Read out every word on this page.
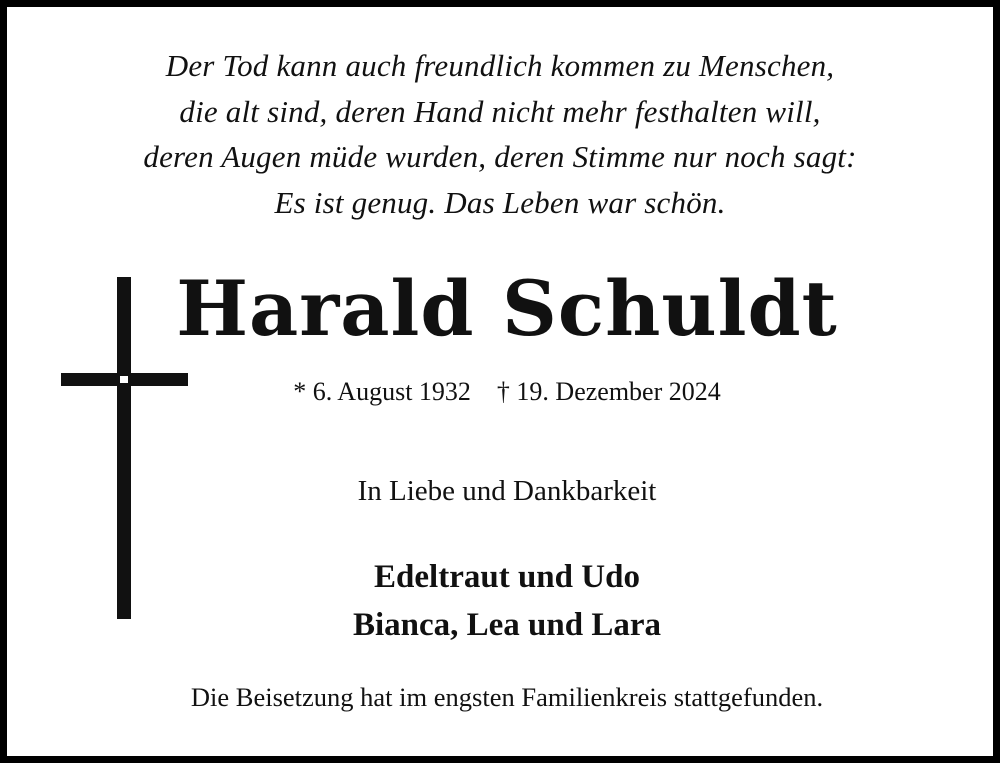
Der Tod kann auch freundlich kommen zu Menschen,
die alt sind, deren Hand nicht mehr festhalten will,
deren Augen müde wurden, deren Stimme nur noch sagt:
Es ist genug. Das Leben war schön.
Harald Schuldt
* 6. August 1932 † 19. Dezember 2024
In Liebe und Dankbarkeit
Edeltraut und Udo
Bianca, Lea und Lara
Die Beisetzung hat im engsten Familienkreis stattgefunden.
